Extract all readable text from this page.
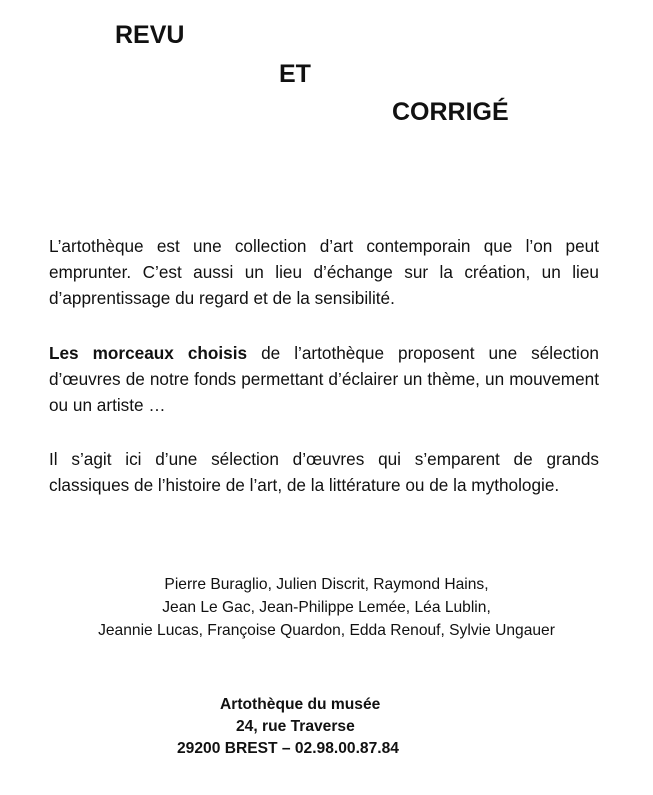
REVU
ET
CORRIGÉ

L’artothèque est une collection d’art contemporain que l’on peut emprunter. C’est aussi un lieu d’échange sur la création, un lieu d’apprentissage du regard et de la sensibilité.

Les morceaux choisis de l’artothèque proposent une sélection d’œuvres de notre fonds permettant d’éclairer un thème, un mouvement ou un artiste …

Il s’agit ici d’une sélection d’œuvres qui s’emparent de grands classiques de l’histoire de l’art, de la littérature ou de la mythologie.

Pierre Buraglio, Julien Discrit, Raymond Hains,
Jean Le Gac, Jean-Philippe Lemée, Léa Lublin,
Jeannie Lucas, Françoise Quardon, Edda Renouf, Sylvie Ungauer
Artothèque du musée
24, rue Traverse
29200 BREST – 02.98.00.87.84
